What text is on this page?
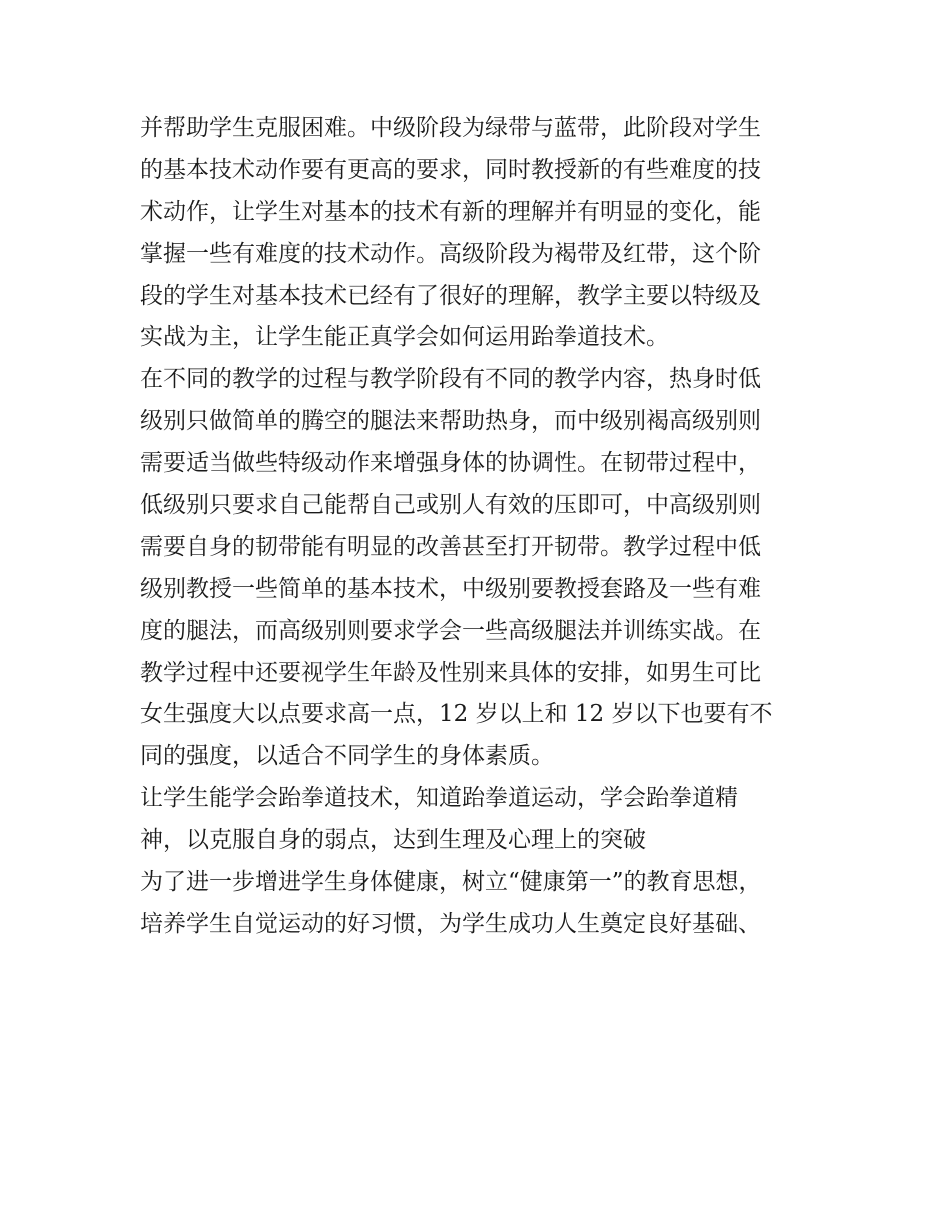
并帮助学生克服困难。中级阶段为绿带与蓝带，此阶段对学生
的基本技术动作要有更高的要求，同时教授新的有些难度的技
术动作，让学生对基本的技术有新的理解并有明显的变化，能
掌握一些有难度的技术动作。高级阶段为褐带及红带，这个阶
段的学生对基本技术已经有了很好的理解，教学主要以特级及
实战为主，让学生能正真学会如何运用跆拳道技术。
在不同的教学的过程与教学阶段有不同的教学内容，热身时低
级别只做简单的腾空的腿法来帮助热身，而中级别褐高级别则
需要适当做些特级动作来增强身体的协调性。在韧带过程中，
低级别只要求自己能帮自己或别人有效的压即可，中高级别则
需要自身的韧带能有明显的改善甚至打开韧带。教学过程中低
级别教授一些简单的基本技术，中级别要教授套路及一些有难
度的腿法，而高级别则要求学会一些高级腿法并训练实战。在
教学过程中还要视学生年龄及性别来具体的安排，如男生可比
女生强度大以点要求高一点，12 岁以上和 12 岁以下也要有不
同的强度，以适合不同学生的身体素质。
让学生能学会跆拳道技术，知道跆拳道运动，学会跆拳道精
神，以克服自身的弱点，达到生理及心理上的突破
为了进一步增进学生身体健康，树立“健康第一”的教育思想，
培养学生自觉运动的好习惯，为学生成功人生奠定良好基础、
